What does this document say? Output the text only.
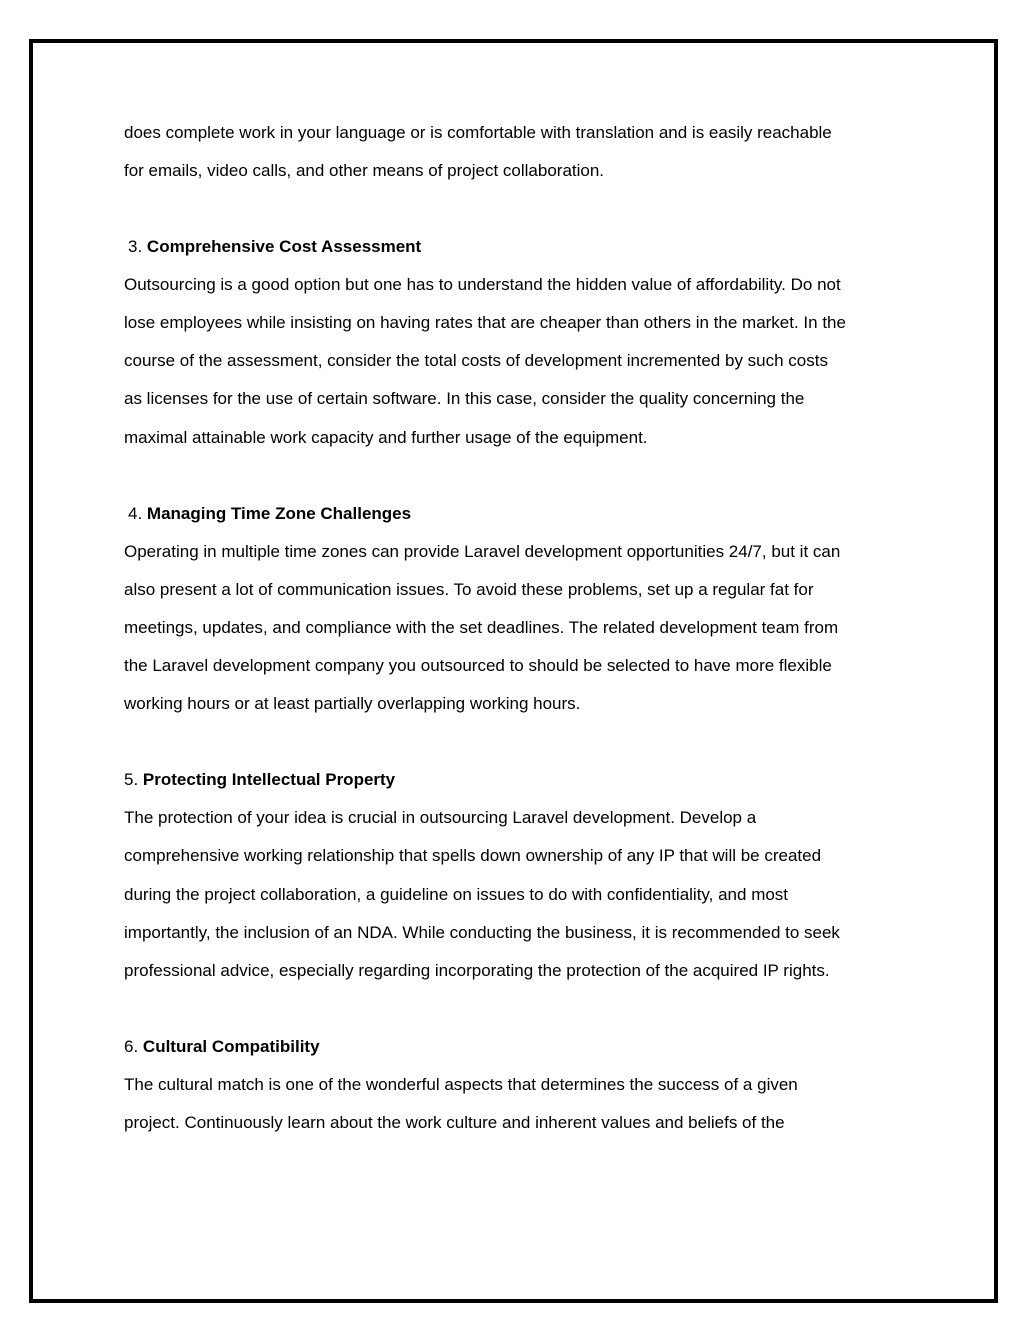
does complete work in your language or is comfortable with translation and is easily reachable
for emails, video calls, and other means of project collaboration.
3. Comprehensive Cost Assessment
Outsourcing is a good option but one has to understand the hidden value of affordability. Do not
lose employees while insisting on having rates that are cheaper than others in the market. In the
course of the assessment, consider the total costs of development incremented by such costs
as licenses for the use of certain software. In this case, consider the quality concerning the
maximal attainable work capacity and further usage of the equipment.
4. Managing Time Zone Challenges
Operating in multiple time zones can provide Laravel development opportunities 24/7, but it can
also present a lot of communication issues. To avoid these problems, set up a regular fat for
meetings, updates, and compliance with the set deadlines. The related development team from
the Laravel development company you outsourced to should be selected to have more flexible
working hours or at least partially overlapping working hours.
5. Protecting Intellectual Property
The protection of your idea is crucial in outsourcing Laravel development. Develop a
comprehensive working relationship that spells down ownership of any IP that will be created
during the project collaboration, a guideline on issues to do with confidentiality, and most
importantly, the inclusion of an NDA. While conducting the business, it is recommended to seek
professional advice, especially regarding incorporating the protection of the acquired IP rights.
6. Cultural Compatibility
The cultural match is one of the wonderful aspects that determines the success of a given
project. Continuously learn about the work culture and inherent values and beliefs of the
